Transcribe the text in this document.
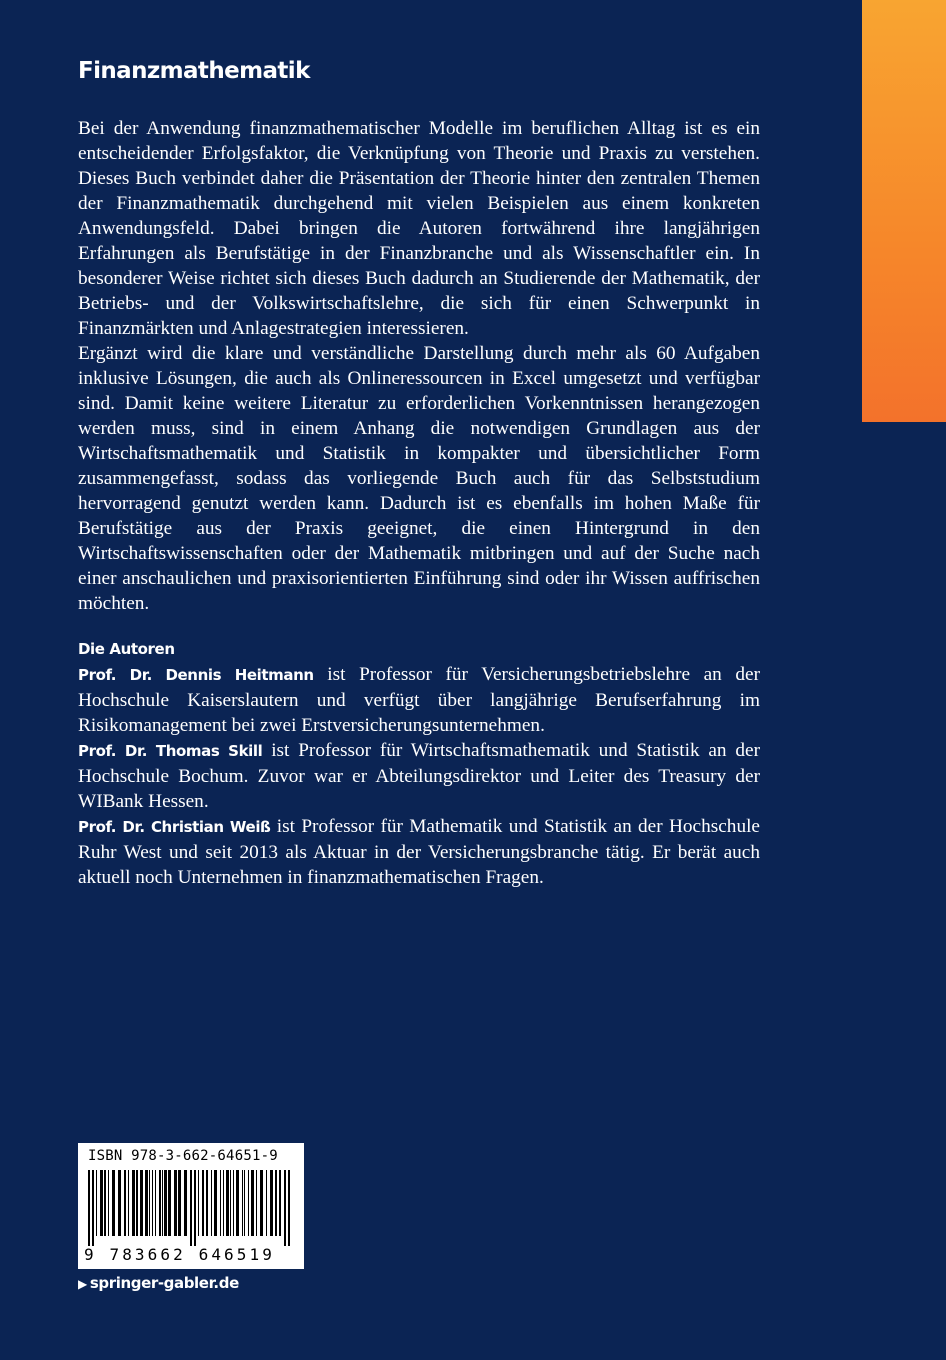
Finanzmathematik

Bei der Anwendung finanzmathematischer Modelle im beruflichen Alltag ist es ein entscheidender Erfolgsfaktor, die Verknüpfung von Theorie und Praxis zu verstehen. Dieses Buch verbindet daher die Präsentation der Theorie hinter den zentralen Themen der Finanzmathematik durchgehend mit vielen Beispielen aus einem konkreten Anwendungsfeld. Dabei bringen die Autoren fortwährend ihre langjährigen Erfahrungen als Berufstätige in der Finanzbranche und als Wissenschaftler ein. In besonderer Weise richtet sich dieses Buch dadurch an Studierende der Mathematik, der Betriebs- und der Volkswirtschaftslehre, die sich für einen Schwerpunkt in Finanzmärkten und Anlagestrategien interessieren.

Ergänzt wird die klare und verständliche Darstellung durch mehr als 60 Aufgaben inklusive Lösungen, die auch als Onlineressourcen in Excel umgesetzt und verfügbar sind. Damit keine weitere Literatur zu erforderlichen Vorkenntnissen herangezogen werden muss, sind in einem Anhang die notwendigen Grundlagen aus der Wirtschaftsmathematik und Statistik in kompakter und übersichtlicher Form zusammengefasst, sodass das vorliegende Buch auch für das Selbststudium hervorragend genutzt werden kann. Dadurch ist es ebenfalls im hohen Maße für Berufstätige aus der Praxis geeignet, die einen Hintergrund in den Wirtschaftswissenschaften oder der Mathematik mitbringen und auf der Suche nach einer anschaulichen und praxisorientierten Einführung sind oder ihr Wissen auffrischen möchten.

Die Autoren

Prof. Dr. Dennis Heitmann ist Professor für Versicherungsbetriebslehre an der Hochschule Kaiserslautern und verfügt über langjährige Berufserfahrung im Risikomanagement bei zwei Erstversicherungsunternehmen.

Prof. Dr. Thomas Skill ist Professor für Wirtschaftsmathematik und Statistik an der Hochschule Bochum. Zuvor war er Abteilungsdirektor und Leiter des Treasury der WIBank Hessen.

Prof. Dr. Christian Weiß ist Professor für Mathematik und Statistik an der Hochschule Ruhr West und seit 2013 als Aktuar in der Versicherungsbranche tätig. Er berät auch aktuell noch Unternehmen in finanzmathematischen Fragen.

ISBN 978-3-662-64651-9
9 783662 646519
▶ springer-gabler.de
